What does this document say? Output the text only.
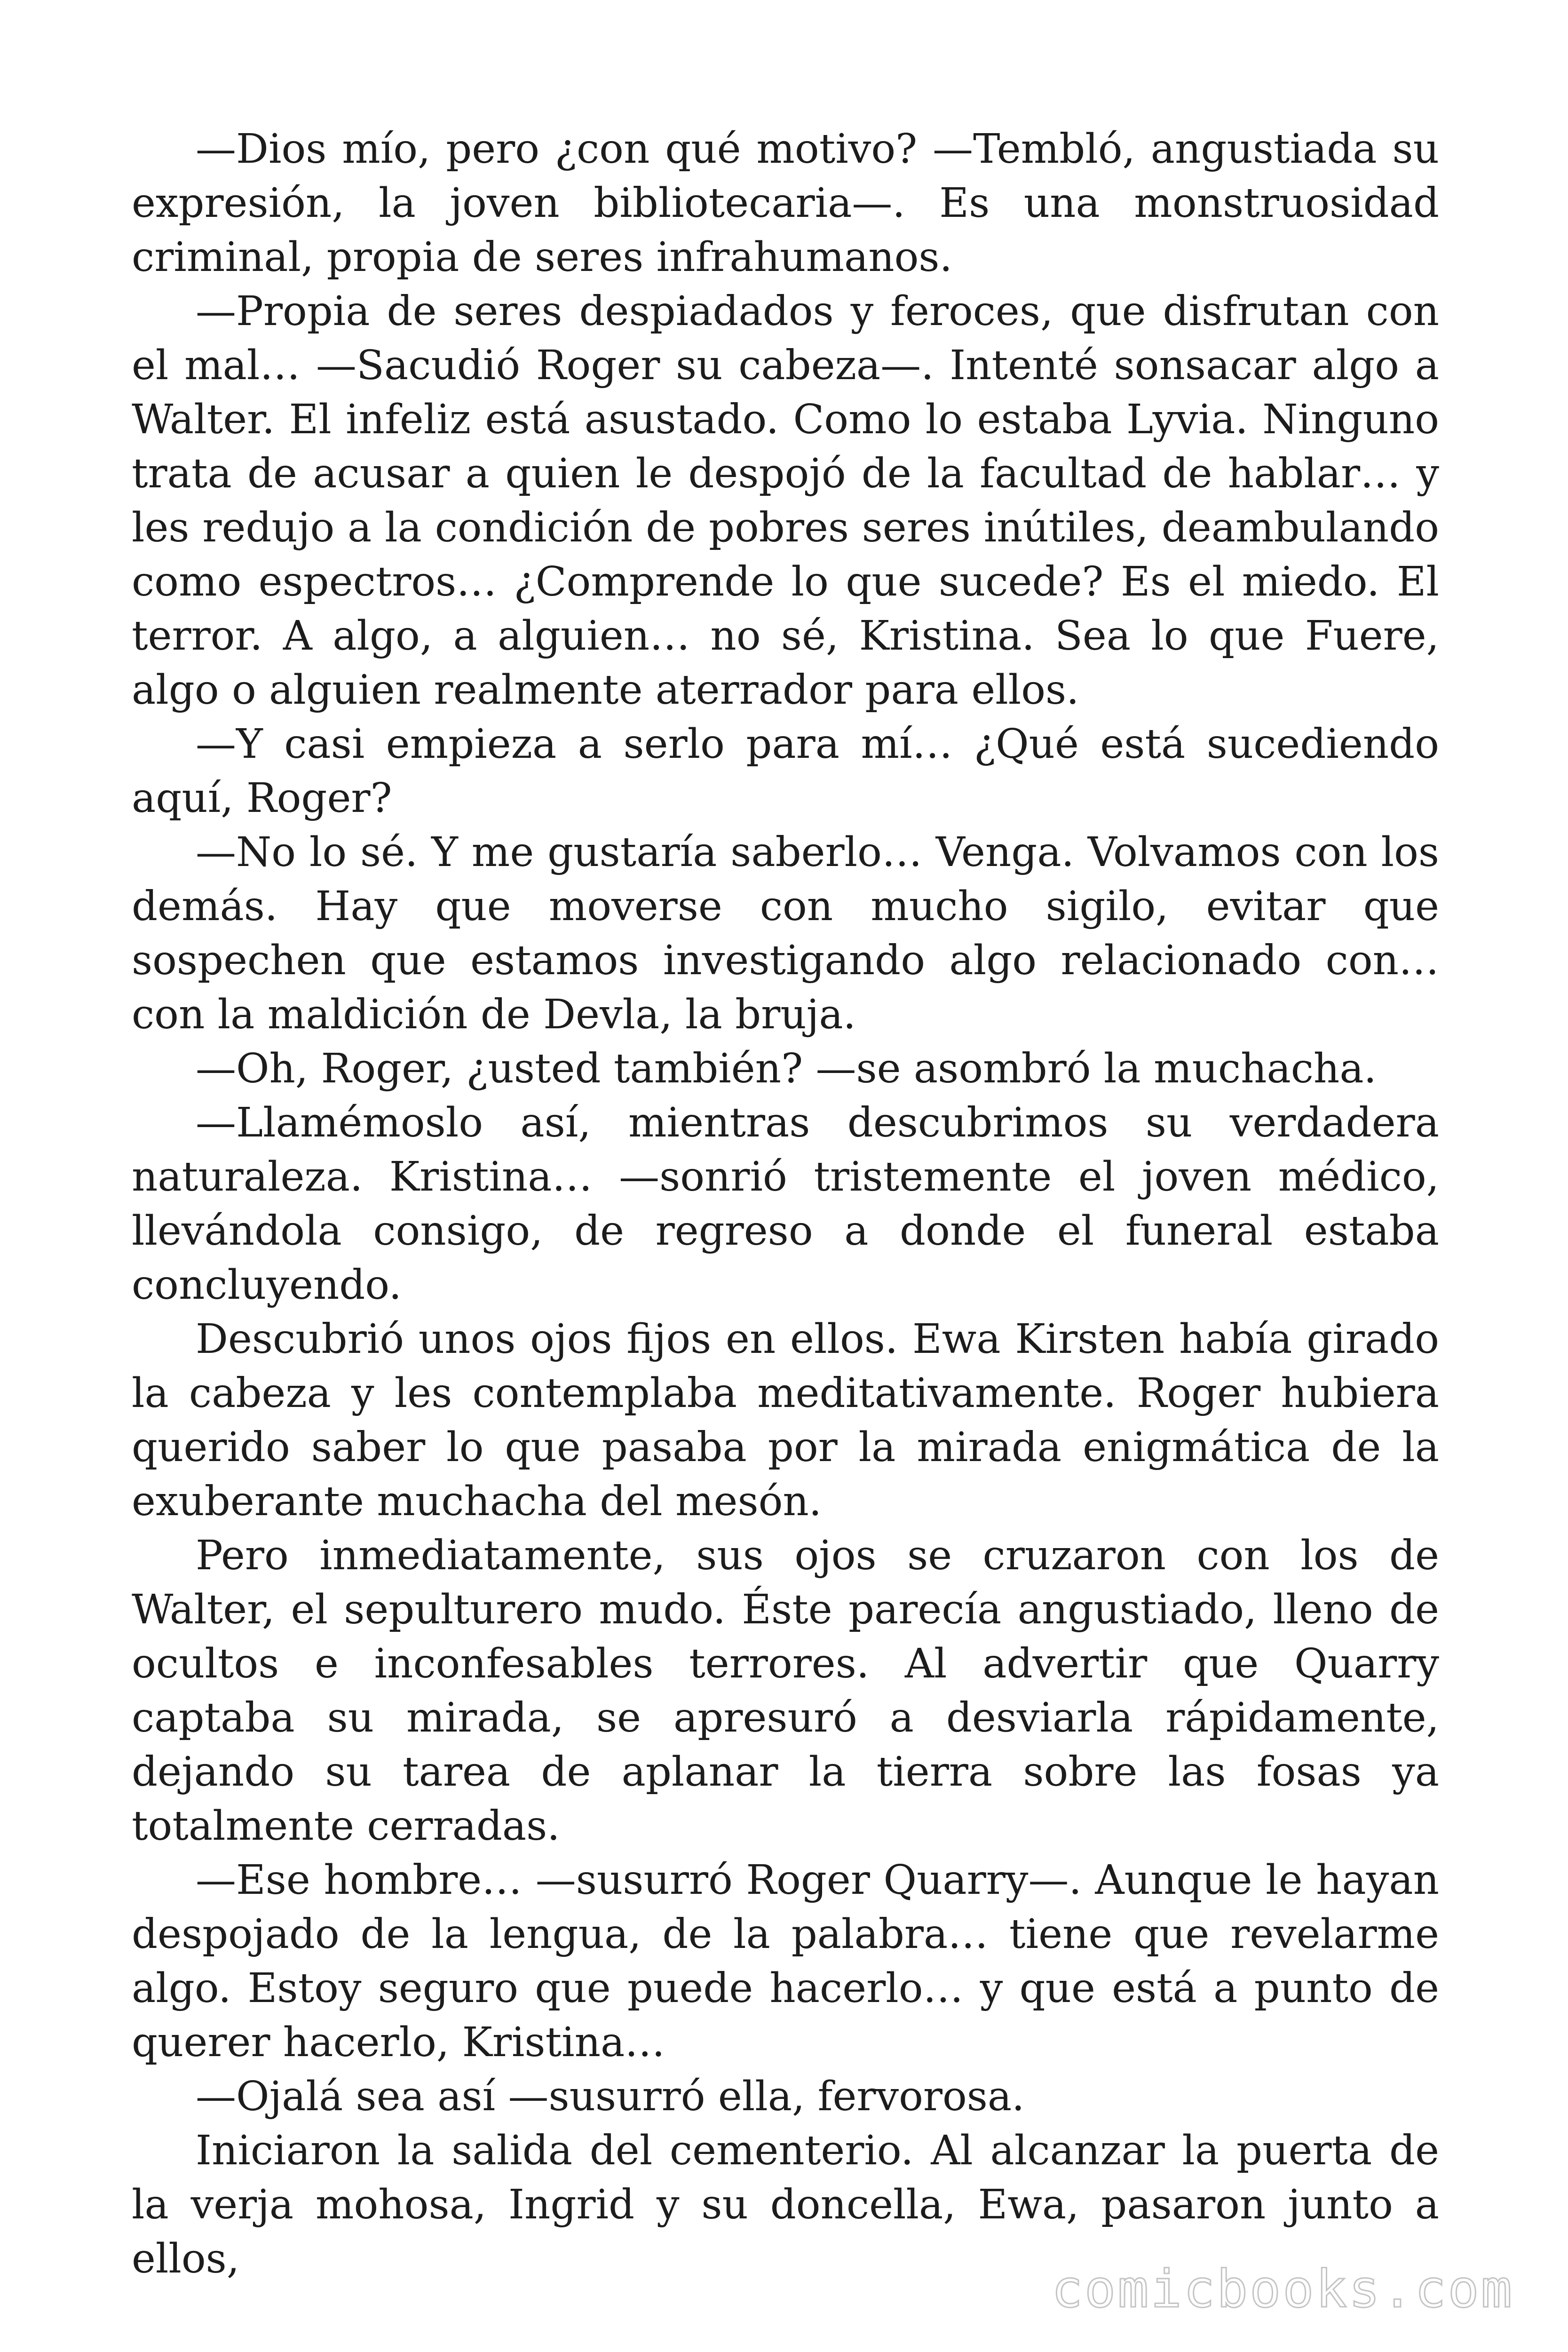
—Dios mío, pero ¿con qué motivo? —Tembló, angustiada su expresión, la joven bibliotecaria—. Es una monstruosidad criminal, propia de seres infrahumanos.

—Propia de seres despiadados y feroces, que disfrutan con el mal… —Sacudió Roger su cabeza—. Intenté sonsacar algo a Walter. El infeliz está asustado. Como lo estaba Lyvia. Ninguno trata de acusar a quien le despojó de la facultad de hablar… y les redujo a la condición de pobres seres inútiles, deambulando como espectros… ¿Comprende lo que sucede? Es el miedo. El terror. A algo, a alguien… no sé, Kristina. Sea lo que Fuere, algo o alguien realmente aterrador para ellos.

—Y casi empieza a serlo para mí… ¿Qué está sucediendo aquí, Roger?

—No lo sé. Y me gustaría saberlo… Venga. Volvamos con los demás. Hay que moverse con mucho sigilo, evitar que sospechen que estamos investigando algo relacionado con… con la maldición de Devla, la bruja.

—Oh, Roger, ¿usted también? —se asombró la muchacha.

—Llamémoslo así, mientras descubrimos su verdadera naturaleza. Kristina… —sonrió tristemente el joven médico, llevándola consigo, de regreso a donde el funeral estaba concluyendo.

Descubrió unos ojos fijos en ellos. Ewa Kirsten había girado la cabeza y les contemplaba meditativamente. Roger hubiera querido saber lo que pasaba por la mirada enigmática de la exuberante muchacha del mesón.

Pero inmediatamente, sus ojos se cruzaron con los de Walter, el sepulturero mudo. Éste parecía angustiado, lleno de ocultos e inconfesables terrores. Al advertir que Quarry captaba su mirada, se apresuró a desviarla rápidamente, dejando su tarea de aplanar la tierra sobre las fosas ya totalmente cerradas.

—Ese hombre… —susurró Roger Quarry—. Aunque le hayan despojado de la lengua, de la palabra… tiene que revelarme algo. Estoy seguro que puede hacerlo… y que está a punto de querer hacerlo, Kristina…

—Ojalá sea así —susurró ella, fervorosa.

Iniciaron la salida del cementerio. Al alcanzar la puerta de la verja mohosa, Ingrid y su doncella, Ewa, pasaron junto a ellos,	comicbooks.com
